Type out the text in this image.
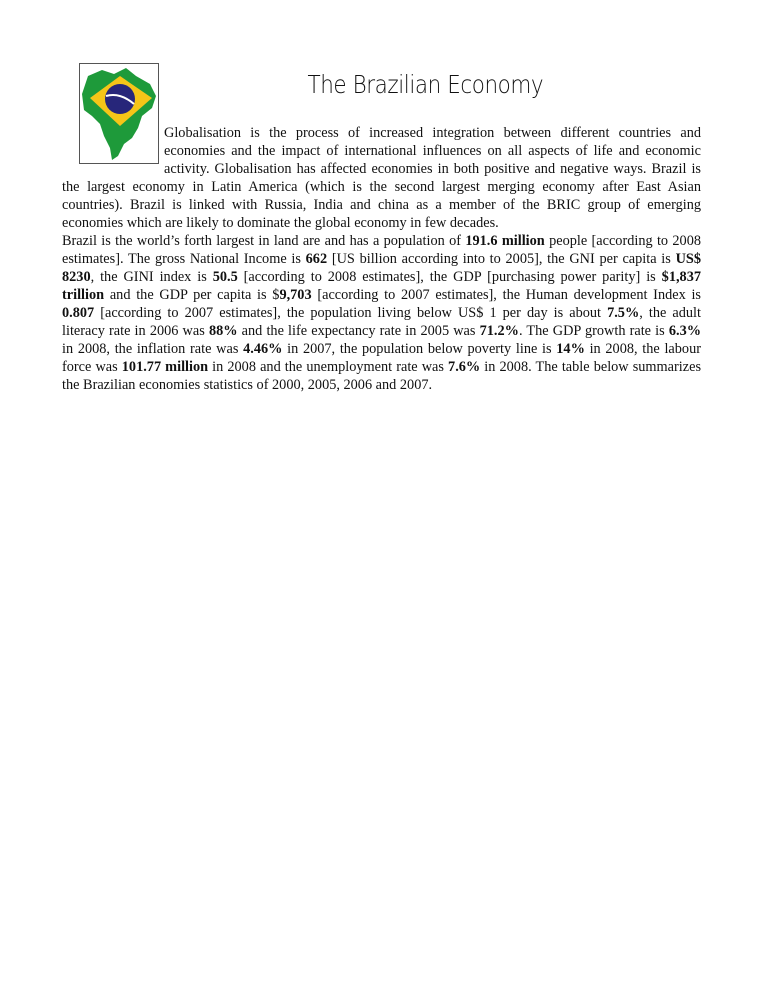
The Brazilian Economy

Globalisation is the process of increased integration between different countries and economies and the impact of international influences on all aspects of life and economic activity. Globalisation has affected economies in both positive and negative ways. Brazil is the largest economy in Latin America (which is the second largest merging economy after East Asian countries). Brazil is linked with Russia, India and china as a member of the BRIC group of emerging economies which are likely to dominate the global economy in few decades.

Brazil is the world’s forth largest in land are and has a population of 191.6 million people [according to 2008 estimates]. The gross National Income is 662 [US billion according into to 2005], the GNI per capita is US$ 8230, the GINI index is 50.5 [according to 2008 estimates], the GDP [purchasing power parity] is $1,837 trillion and the GDP per capita is $9,703 [according to 2007 estimates], the Human development Index is 0.807 [according to 2007 estimates], the population living below US$ 1 per day is about 7.5%, the adult literacy rate in 2006 was 88% and the life expectancy rate in 2005 was 71.2%. The GDP growth rate is 6.3% in 2008, the inflation rate was 4.46% in 2007, the population below poverty line is 14% in 2008, the labour force was 101.77 million in 2008 and the unemployment rate was 7.6% in 2008. The table below summarizes the Brazilian economies statistics of 2000, 2005, 2006 and 2007.
